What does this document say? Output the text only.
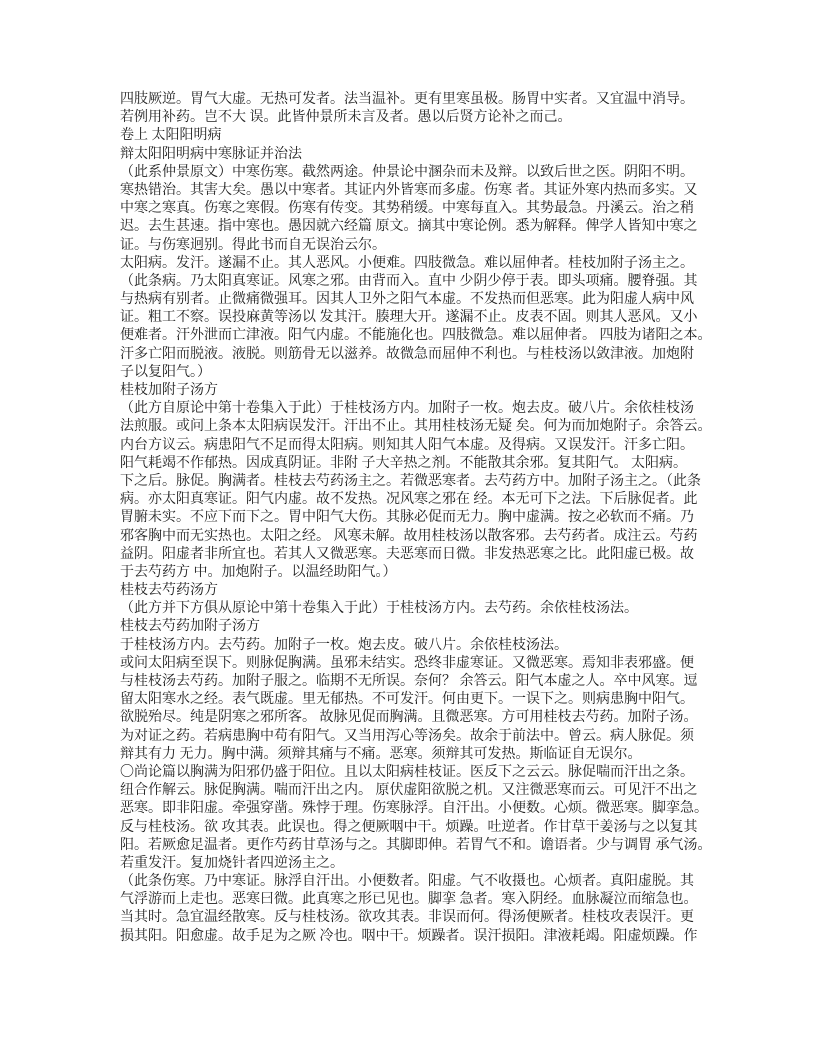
四肢厥逆。胃气大虚。无热可发者。法当温补。更有里寒虽极。肠胃中实者。又宜温中消导。
若例用补药。岂不大 误。此皆仲景所未言及者。愚以后贤方论补之而己。
卷上 太阳阳明病
辩太阳阳明病中寒脉证并治法
（此系仲景原文）中寒伤寒。截然两途。仲景论中溷杂而未及辩。以致后世之医。阴阳不明。
寒热错治。其害大矣。愚以中寒者。其证内外皆寒而多虚。伤寒 者。其证外寒内热而多实。又
中寒之寒真。伤寒之寒假。伤寒有传变。其势稍缓。中寒每直入。其势最急。丹溪云。治之稍
迟。去生甚速。指中寒也。愚因就六经篇 原文。摘其中寒论例。悉为解释。俾学人皆知中寒之
证。与伤寒迥别。得此书而自无误治云尔。
太阳病。发汗。遂漏不止。其人恶风。小便难。四肢微急。难以屈伸者。桂枝加附子汤主之。
（此条病。乃太阳真寒证。风寒之邪。由背而入。直中 少阴少停于表。即头项痛。腰脊强。其
与热病有别者。止微痛微强耳。因其人卫外之阳气本虚。不发热而但恶寒。此为阳虚人病中风
证。粗工不察。误投麻黄等汤以 发其汗。腠理大开。遂漏不止。皮表不固。则其人恶风。又小
便难者。汗外泄而亡津液。阳气内虚。不能施化也。四肢微急。难以屈伸者。 四肢为诸阳之本。
汗多亡阳而脱液。液脱。则筋骨无以滋养。故微急而屈伸不利也。与桂枝汤以敛津液。加炮附
子以复阳气。）
桂枝加附子汤方
（此方自原论中第十卷集入于此）于桂枝汤方内。加附子一枚。炮去皮。破八片。余依桂枝汤
法煎服。或问上条本太阳病误发汗。汗出不止。其用桂枝汤无疑 矣。何为而加炮附子。余答云。
内台方议云。病患阳气不足而得太阳病。则知其人阳气本虚。及得病。又误发汗。汗多亡阳。
阳气耗竭不作郁热。因成真阴证。非附 子大辛热之剂。不能散其余邪。复其阳气。 太阳病。
下之后。脉促。胸满者。桂枝去芍药汤主之。若微恶寒者。去芍药方中。加附子汤主之。（此条
病。亦太阳真寒证。阳气内虚。故不发热。况风寒之邪在 经。本无可下之法。下后脉促者。此
胃腑未实。不应下而下之。胃中阳气大伤。其脉必促而无力。胸中虚满。按之必软而不痛。乃
邪客胸中而无实热也。太阳之经。 风寒未解。故用桂枝汤以散客邪。去芍药者。成注云。芍药
益阴。阳虚者非所宜也。若其人又微恶寒。夫恶寒而日微。非发热恶寒之比。此阳虚已极。故
于去芍药方 中。加炮附子。以温经助阳气。）
桂枝去芍药汤方
（此方并下方俱从原论中第十卷集入于此）于桂枝汤方内。去芍药。余依桂枝汤法。
桂枝去芍药加附子汤方
于桂枝汤方内。去芍药。加附子一枚。炮去皮。破八片。余依桂枝汤法。
或问太阳病至误下。则脉促胸满。虽邪未结实。恐终非虚寒证。又微恶寒。焉知非表邪盛。便
与桂枝汤去芍药。加附子服之。临期不无所误。奈何？ 余答云。阳气本虚之人。卒中风寒。逗
留太阳寒水之经。表气既虚。里无郁热。不可发汗。何由更下。一误下之。则病患胸中阳气。
欲脱殆尽。纯是阴寒之邪所客。 故脉见促而胸满。且微恶寒。方可用桂枝去芍药。加附子汤。
为对证之药。若病患胸中苟有阳气。又当用泻心等汤矣。故余于前法中。曾云。病人脉促。须
辩其有力 无力。胸中满。须辩其痛与不痛。恶寒。须辩其可发热。斯临证自无误尔。
〇尚论篇以胸满为阳邪仍盛于阳位。且以太阳病桂枝证。医反下之云云。脉促喘而汗出之条。
纽合作解云。脉促胸满。喘而汗出之内。 原伏虚阳欲脱之机。又注微恶寒而云。可见汗不出之
恶寒。即非阳虚。牵强穿凿。殊悖于理。伤寒脉浮。自汗出。小便数。心烦。微恶寒。脚挛急。
反与桂枝汤。欲 攻其表。此误也。得之便厥咽中干。烦躁。吐逆者。作甘草干姜汤与之以复其
阳。若厥愈足温者。更作芍药甘草汤与之。其脚即伸。若胃气不和。谵语者。少与调胃 承气汤。
若重发汗。复加烧针者四逆汤主之。
（此条伤寒。乃中寒证。脉浮自汗出。小便数者。阳虚。气不收摄也。心烦者。真阳虚脱。其
气浮游而上走也。恶寒曰微。此真寒之形已见也。脚挛 急者。寒入阴经。血脉凝泣而缩急也。
当其时。急宜温经散寒。反与桂枝汤。欲攻其表。非误而何。得汤便厥者。桂枝攻表误汗。更
损其阳。阳愈虚。故手足为之厥 冷也。咽中干。烦躁者。误汗损阳。津液耗竭。阳虚烦躁。作
